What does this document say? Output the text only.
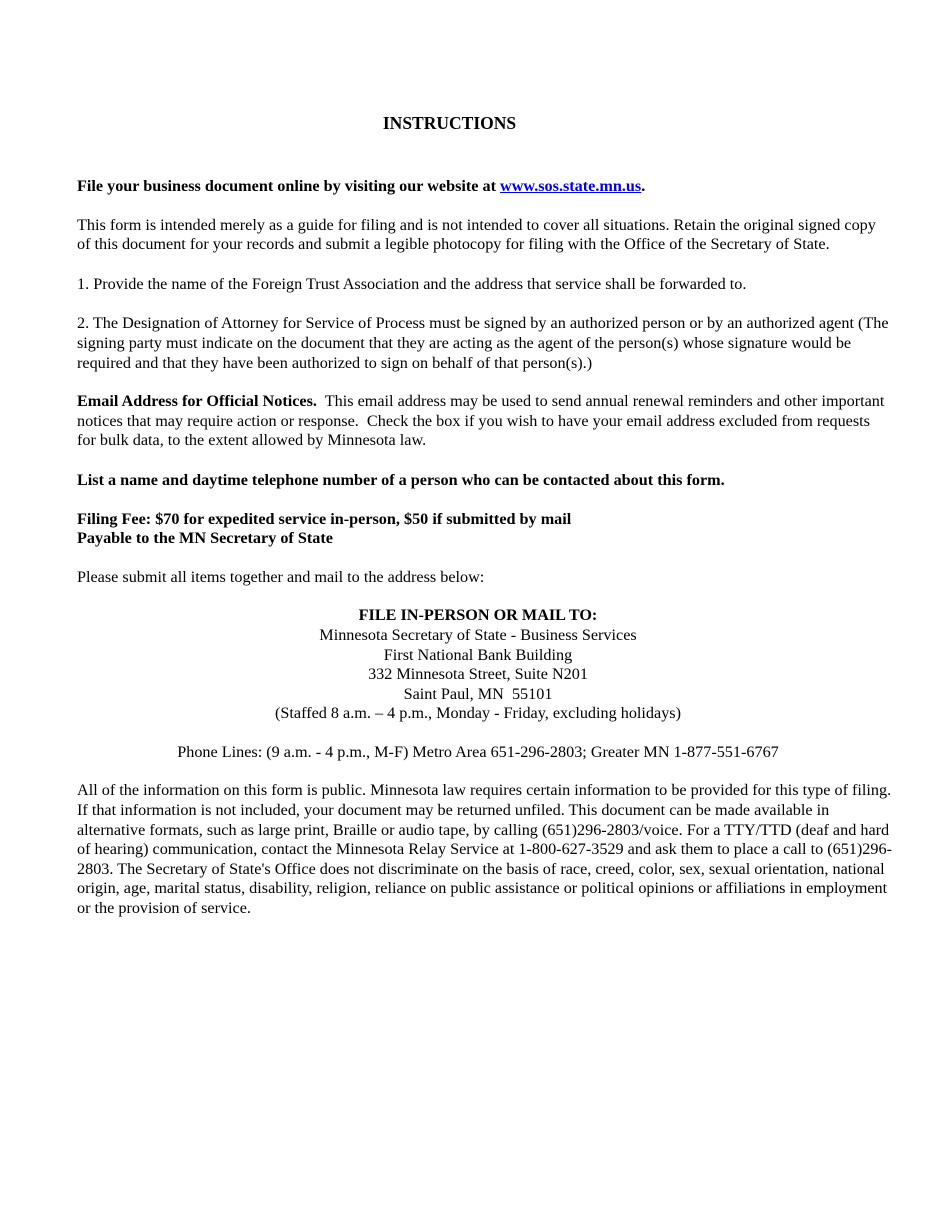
INSTRUCTIONS

File your business document online by visiting our website at www.sos.state.mn.us.

This form is intended merely as a guide for filing and is not intended to cover all situations. Retain the original signed copy of this document for your records and submit a legible photocopy for filing with the Office of the Secretary of State.

1. Provide the name of the Foreign Trust Association and the address that service shall be forwarded to.

2. The Designation of Attorney for Service of Process must be signed by an authorized person or by an authorized agent (The signing party must indicate on the document that they are acting as the agent of the person(s) whose signature would be required and that they have been authorized to sign on behalf of that person(s).)

Email Address for Official Notices.  This email address may be used to send annual renewal reminders and other important notices that may require action or response.  Check the box if you wish to have your email address excluded from requests for bulk data, to the extent allowed by Minnesota law.

List a name and daytime telephone number of a person who can be contacted about this form.

Filing Fee: $70 for expedited service in-person, $50 if submitted by mail
Payable to the MN Secretary of State

Please submit all items together and mail to the address below:

FILE IN-PERSON OR MAIL TO:
Minnesota Secretary of State - Business Services
First National Bank Building
332 Minnesota Street, Suite N201
Saint Paul, MN  55101
(Staffed 8 a.m. – 4 p.m., Monday - Friday, excluding holidays)

Phone Lines: (9 a.m. - 4 p.m., M-F) Metro Area 651-296-2803; Greater MN 1-877-551-6767

All of the information on this form is public. Minnesota law requires certain information to be provided for this type of filing. If that information is not included, your document may be returned unfiled. This document can be made available in alternative formats, such as large print, Braille or audio tape, by calling (651)296-2803/voice. For a TTY/TTD (deaf and hard of hearing) communication, contact the Minnesota Relay Service at 1-800-627-3529 and ask them to place a call to (651)296-2803. The Secretary of State's Office does not discriminate on the basis of race, creed, color, sex, sexual orientation, national origin, age, marital status, disability, religion, reliance on public assistance or political opinions or affiliations in employment or the provision of service.
